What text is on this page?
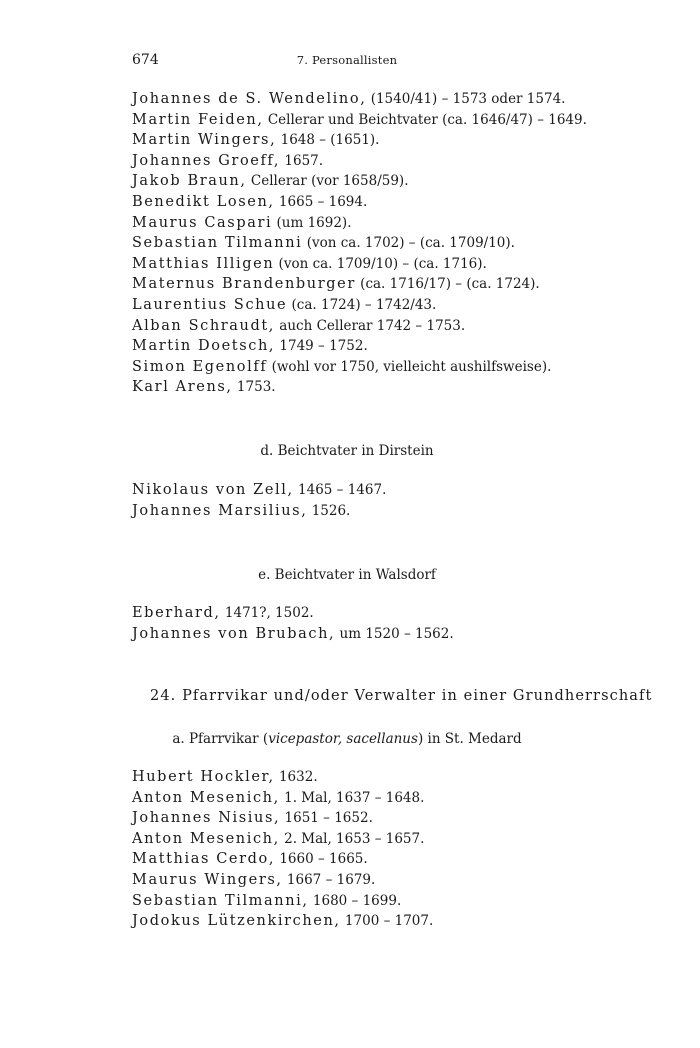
674	7. Personallisten
Johannes de S. Wendelino, (1540/41) – 1573 oder 1574.
Martin Feiden, Cellerar und Beichtvater (ca. 1646/47) – 1649.
Martin Wingers, 1648 – (1651).
Johannes Groeff, 1657.
Jakob Braun, Cellerar (vor 1658/59).
Benedikt Losen, 1665 – 1694.
Maurus Caspari (um 1692).
Sebastian Tilmanni (von ca. 1702) – (ca. 1709/10).
Matthias Illigen (von ca. 1709/10) – (ca. 1716).
Maternus Brandenburger (ca. 1716/17) – (ca. 1724).
Laurentius Schue (ca. 1724) – 1742/43.
Alban Schraudt, auch Cellerar 1742 – 1753.
Martin Doetsch, 1749 – 1752.
Simon Egenolff (wohl vor 1750, vielleicht aushilfsweise).
Karl Arens, 1753.
d. Beichtvater in Dirstein
Nikolaus von Zell, 1465 – 1467.
Johannes Marsilius, 1526.
e. Beichtvater in Walsdorf
Eberhard, 1471?, 1502.
Johannes von Brubach, um 1520 – 1562.
24. Pfarrvikar und/oder Verwalter in einer Grundherrschaft
a. Pfarrvikar (vicepastor, sacellanus) in St. Medard
Hubert Hockler, 1632.
Anton Mesenich, 1. Mal, 1637 – 1648.
Johannes Nisius, 1651 – 1652.
Anton Mesenich, 2. Mal, 1653 – 1657.
Matthias Cerdo, 1660 – 1665.
Maurus Wingers, 1667 – 1679.
Sebastian Tilmanni, 1680 – 1699.
Jodokus Lützenkirchen, 1700 – 1707.
